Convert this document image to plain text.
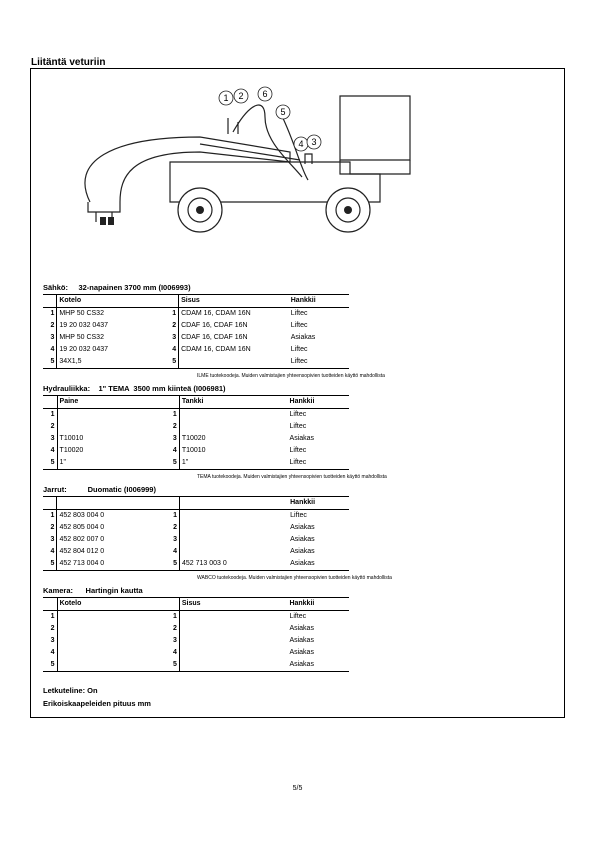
Liitäntä veturiin
1 2 6
5
4 3
Sähkö: 32-napainen 3700 mm (I006993)
	Kotelo		Sisus	Hankkii
1	MHP 50 CS32	1	CDAM 16, CDAM 16N	Liftec
2	19 20 032 0437	2	CDAF 16, CDAF 16N	Liftec
3	MHP 50 CS32	3	CDAF 16, CDAF 16N	Asiakas
4	19 20 032 0437	4	CDAM 16, CDAM 16N	Liftec
5	34X1,5	5		Liftec
ILME tuotekoodeja. Muiden valmistajien yhteensopivien tuotteiden käyttö mahdollista
Hydrauliikka: 1" TEMA  3500 mm kiinteä (I006981)
	Paine		Tankki	Hankkii
1		1		Liftec
2		2		Liftec
3	T10010	3	T10020	Asiakas
4	T10020	4	T10010	Liftec
5	1"	5	1"	Liftec
TEMA tuotekoodeja. Muiden valmistajien yhteensopivien tuotteiden käyttö mahdollista
Jarrut:	Duomatic (I006999)
				Hankkii
1	452 803 004 0	1		Liftec
2	452 805 004 0	2		Asiakas
3	452 802 007 0	3		Asiakas
4	452 804 012 0	4		Asiakas
5	452 713 004 0	5	452 713 003 0	Asiakas
WABCO tuotekoodeja. Muiden valmistajien yhteensopivien tuotteiden käyttö mahdollista
Kamera: Hartingin kautta
	Kotelo		Sisus	Hankkii
1		1		Liftec
2		2		Asiakas
3		3		Asiakas
4		4		Asiakas
5		5		Asiakas
Letkuteline: On
Erikoiskaapeleiden pituus mm
5/5
